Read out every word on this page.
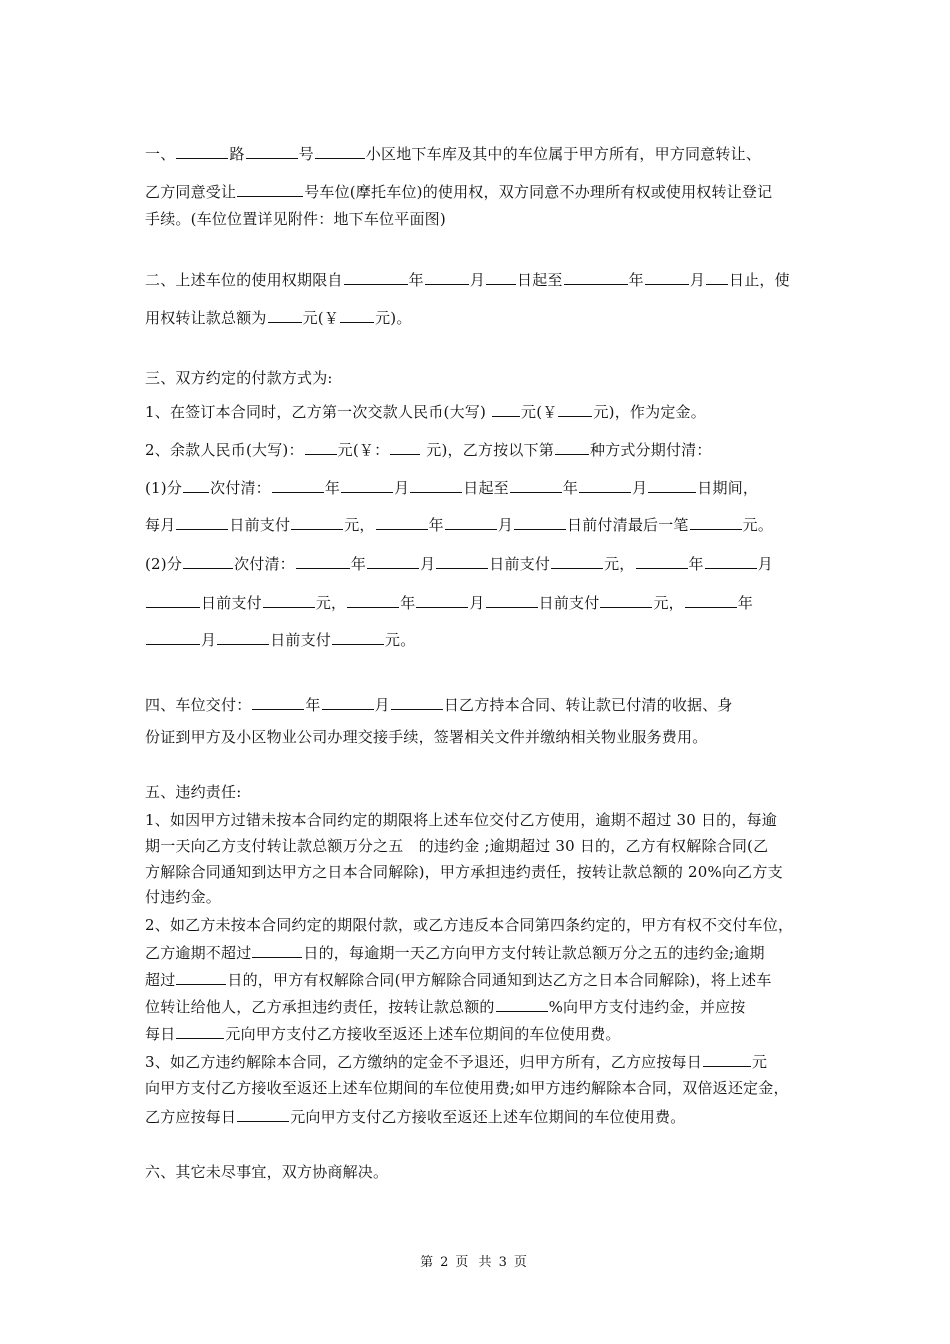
一、	路	号	小区地下车库及其中的车位属于甲方所有，甲方同意转让、
乙方同意受让	号车位(摩托车位)的使用权，双方同意不办理所有权或使用权转让登记
手续。(车位位置详见附件：地下车位平面图)
二、上述车位的使用权期限自	年	月 日起至	年	月 日止，使
用权转让款总额为 元(￥ 元)。
三、双方约定的付款方式为:
1、在签订本合同时，乙方第一次交款人民币(大写) 元(￥ 元)，作为定金。
2、余款人民币(大写)： 元(￥： 元)，乙方按以下第 种方式分期付清：
(1)分 次付清：	年	月	日起至	年	月	日期间，
每月	日前支付	元，	年	月	日前付清最后一笔	元。
(2)分	次付清：	年	月	日前支付	元，	年	月
日前支付	元，	年	月	日前支付	元，	年
月	日前支付	元。
四、车位交付：	年	月	日乙方持本合同、转让款已付清的收据、身
份证到甲方及小区物业公司办理交接手续，签署相关文件并缴纳相关物业服务费用。
五、违约责任:
1、如因甲方过错未按本合同约定的期限将上述车位交付乙方使用，逾期不超过 30 日的，每逾
期一天向乙方支付转让款总额万分之五　的违约金 ;逾期超过 30 日的，乙方有权解除合同(乙
方解除合同通知到达甲方之日本合同解除)，甲方承担违约责任，按转让款总额的 20%向乙方支
付违约金。
2、如乙方未按本合同约定的期限付款，或乙方违反本合同第四条约定的，甲方有权不交付车位，
乙方逾期不超过	日的，每逾期一天乙方向甲方支付转让款总额万分之五的违约金;逾期
超过	日的，甲方有权解除合同(甲方解除合同通知到达乙方之日本合同解除)，将上述车
位转让给他人，乙方承担违约责任，按转让款总额的	%向甲方支付违约金，并应按
每日	元向甲方支付乙方接收至返还上述车位期间的车位使用费。
3、如乙方违约解除本合同，乙方缴纳的定金不予退还，归甲方所有，乙方应按每日	元
向甲方支付乙方接收至返还上述车位期间的车位使用费;如甲方违约解除本合同，双倍返还定金，
乙方应按每日	元向甲方支付乙方接收至返还上述车位期间的车位使用费。
六、其它未尽事宜，双方协商解决。
第 2 页 共 3 页
